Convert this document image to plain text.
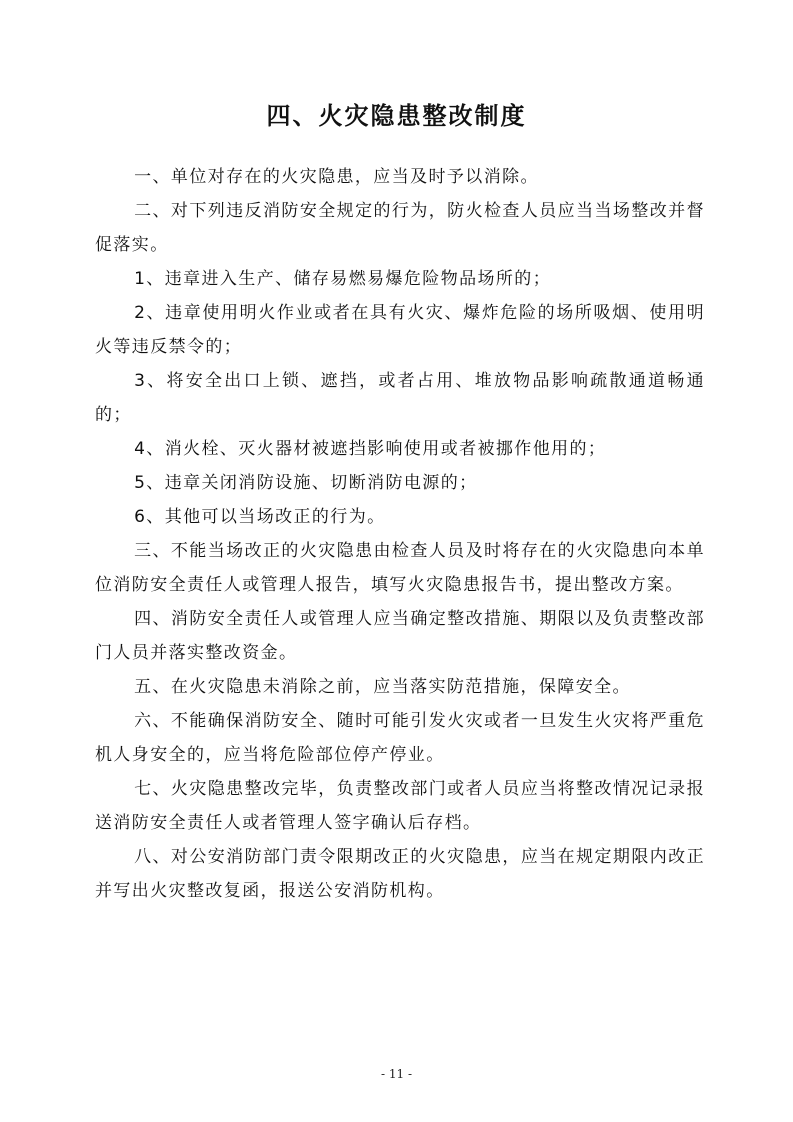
四、火灾隐患整改制度

一、单位对存在的火灾隐患，应当及时予以消除。

二、对下列违反消防安全规定的行为，防火检查人员应当当场整改并督促落实。

1、违章进入生产、储存易燃易爆危险物品场所的；

2、违章使用明火作业或者在具有火灾、爆炸危险的场所吸烟、使用明火等违反禁令的；

3、将安全出口上锁、遮挡，或者占用、堆放物品影响疏散通道畅通的；

4、消火栓、灭火器材被遮挡影响使用或者被挪作他用的；

5、违章关闭消防设施、切断消防电源的；

6、其他可以当场改正的行为。

三、不能当场改正的火灾隐患由检查人员及时将存在的火灾隐患向本单位消防安全责任人或管理人报告，填写火灾隐患报告书，提出整改方案。

四、消防安全责任人或管理人应当确定整改措施、期限以及负责整改部门人员并落实整改资金。

五、在火灾隐患未消除之前，应当落实防范措施，保障安全。

六、不能确保消防安全、随时可能引发火灾或者一旦发生火灾将严重危机人身安全的，应当将危险部位停产停业。

七、火灾隐患整改完毕，负责整改部门或者人员应当将整改情况记录报送消防安全责任人或者管理人签字确认后存档。

八、对公安消防部门责令限期改正的火灾隐患，应当在规定期限内改正并写出火灾整改复函，报送公安消防机构。

- 11 -
